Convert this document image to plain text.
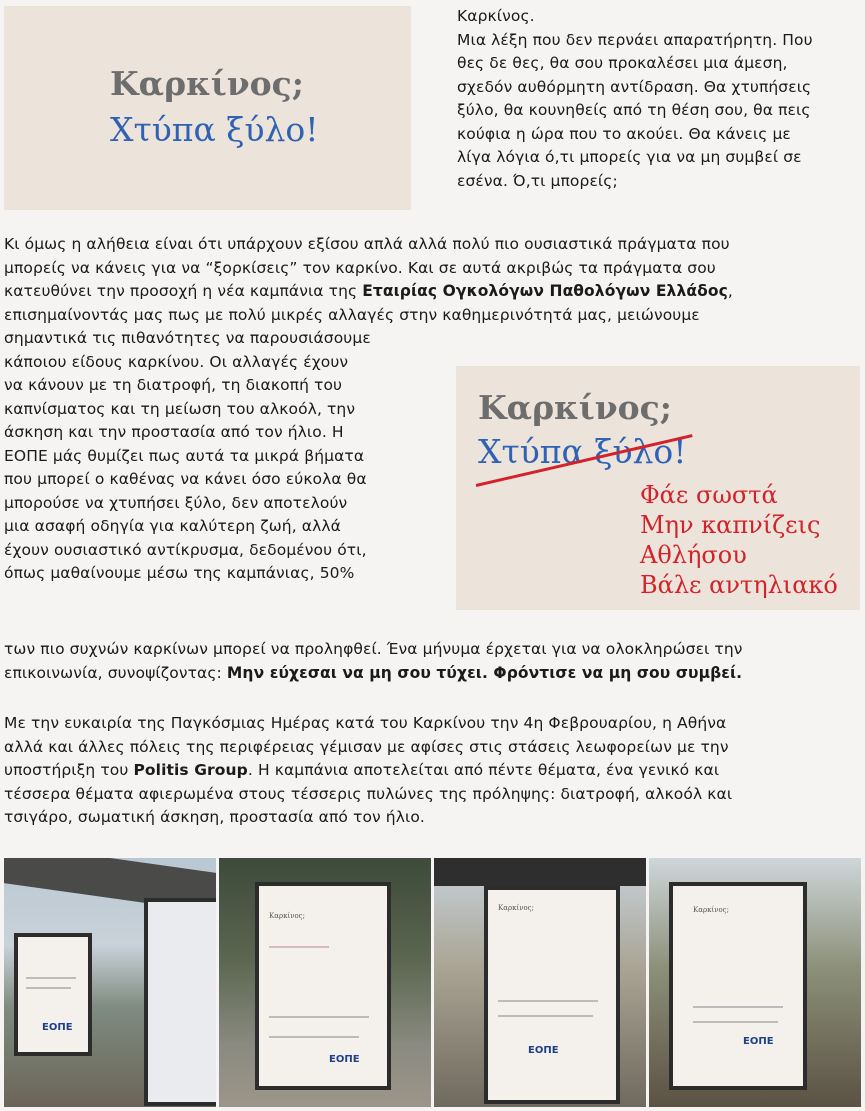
Καρκίνος;
Χτύπα ξύλο!
Καρκίνος.
Μια λέξη που δεν περνάει απαρατήρητη. Που
θες δε θες, θα σου προκαλέσει μια άμεση,
σχεδόν αυθόρμητη αντίδραση. Θα χτυπήσεις
ξύλο, θα κουνηθείς από τη θέση σου, θα πεις
κούφια η ώρα που το ακούει. Θα κάνεις με
λίγα λόγια ό,τι μπορείς για να μη συμβεί σε
εσένα. Ό,τι μπορείς;
Κι όμως η αλήθεια είναι ότι υπάρχουν εξίσου απλά αλλά πολύ πιο ουσιαστικά πράγματα που
μπορείς να κάνεις για να “ξορκίσεις” τον καρκίνο. Και σε αυτά ακριβώς τα πράγματα σου
κατευθύνει την προσοχή η νέα καμπάνια της Εταιρίας Ογκολόγων Παθολόγων Ελλάδος,
επισημαίνοντάς μας πως με πολύ μικρές αλλαγές στην καθημερινότητά μας, μειώνουμε
σημαντικά τις πιθανότητες να παρουσιάσουμε
κάποιου είδους καρκίνου. Οι αλλαγές έχουν
να κάνουν με τη διατροφή, τη διακοπή του
καπνίσματος και τη μείωση του αλκοόλ, την
άσκηση και την προστασία από τον ήλιο. Η
ΕΟΠΕ μάς θυμίζει πως αυτά τα μικρά βήματα
που μπορεί ο καθένας να κάνει όσο εύκολα θα
μπορούσε να χτυπήσει ξύλο, δεν αποτελούν
μια ασαφή οδηγία για καλύτερη ζωή, αλλά
έχουν ουσιαστικό αντίκρυσμα, δεδομένου ότι,
όπως μαθαίνουμε μέσω της καμπάνιας, 50%
των πιο συχνών καρκίνων μπορεί να προληφθεί. Ένα μήνυμα έρχεται για να ολοκληρώσει την
επικοινωνία, συνοψίζοντας: Μην εύχεσαι να μη σου τύχει. Φρόντισε να μη σου συμβεί.
Καρκίνος;
Χτύπα ξύλο!
Φάε σωστά
Μην καπνίζεις
Αθλήσου
Βάλε αντηλιακό
Με την ευκαιρία της Παγκόσμιας Ημέρας κατά του Καρκίνου την 4η Φεβρουαρίου, η Αθήνα
αλλά και άλλες πόλεις της περιφέρειας γέμισαν με αφίσες στις στάσεις λεωφορείων με την
υποστήριξη του Politis Group. Η καμπάνια αποτελείται από πέντε θέματα, ένα γενικό και
τέσσερα θέματα αφιερωμένα στους τέσσερις πυλώνες της πρόληψης: διατροφή, αλκοόλ και
τσιγάρο, σωματική άσκηση, προστασία από τον ήλιο.
ΕΟΠΕ
Καρκίνος;
ΕΟΠΕ
Καρκίνος;
ΕΟΠΕ
Καρκίνος;
ΕΟΠΕ
